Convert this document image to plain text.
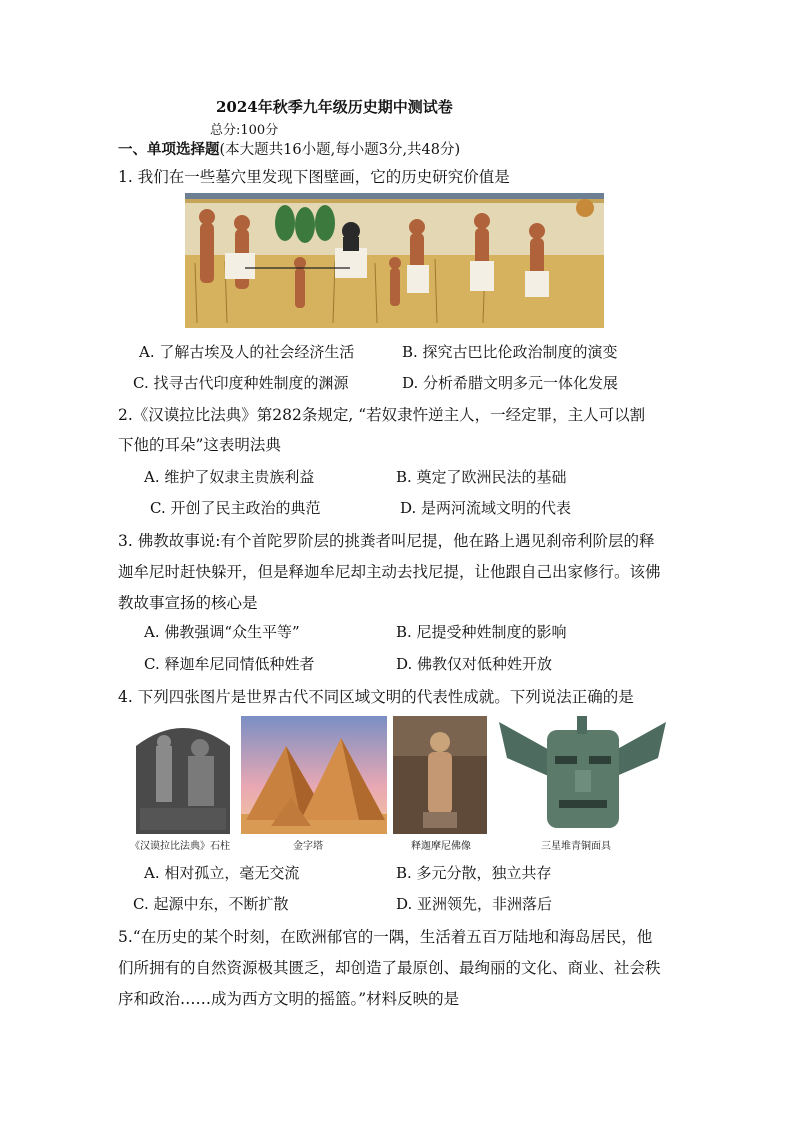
2024年秋季九年级历史期中测试卷
总分:100分
一、单项选择题(本大题共16小题,每小题3分,共48分)
1. 我们在一些墓穴里发现下图壁画，它的历史研究价值是
A. 了解古埃及人的社会经济生活	B. 探究古巴比伦政治制度的演变
C. 找寻古代印度种姓制度的渊源	D. 分析希腊文明多元一体化发展
2.《汉谟拉比法典》第282条规定, “若奴隶忤逆主人，一经定罪，主人可以割
下他的耳朵”这表明法典
A. 维护了奴隶主贵族利益	B. 奠定了欧洲民法的基础
C. 开创了民主政治的典范	D. 是两河流域文明的代表
3. 佛教故事说:有个首陀罗阶层的挑粪者叫尼提，他在路上遇见刹帝利阶层的释
迦牟尼时赶快躲开，但是释迦牟尼却主动去找尼提，让他跟自己出家修行。该佛
教故事宣扬的核心是
A. 佛教强调“众生平等”	B. 尼提受种姓制度的影响
C. 释迦牟尼同情低种姓者	D. 佛教仅对低种姓开放
4. 下列四张图片是世界古代不同区域文明的代表性成就。下列说法正确的是
《汉谟拉比法典》石柱	金字塔	释迦摩尼佛像	三星堆青铜面具
A. 相对孤立，毫无交流	B. 多元分散，独立共存
C. 起源中东，不断扩散	D. 亚洲领先，非洲落后
5.“在历史的某个时刻，在欧洲郁官的一隅，生活着五百万陆地和海岛居民，他
们所拥有的自然资源极其匮乏，却创造了最原创、最绚丽的文化、商业、社会秩
序和政治……成为西方文明的摇篮。”材料反映的是
